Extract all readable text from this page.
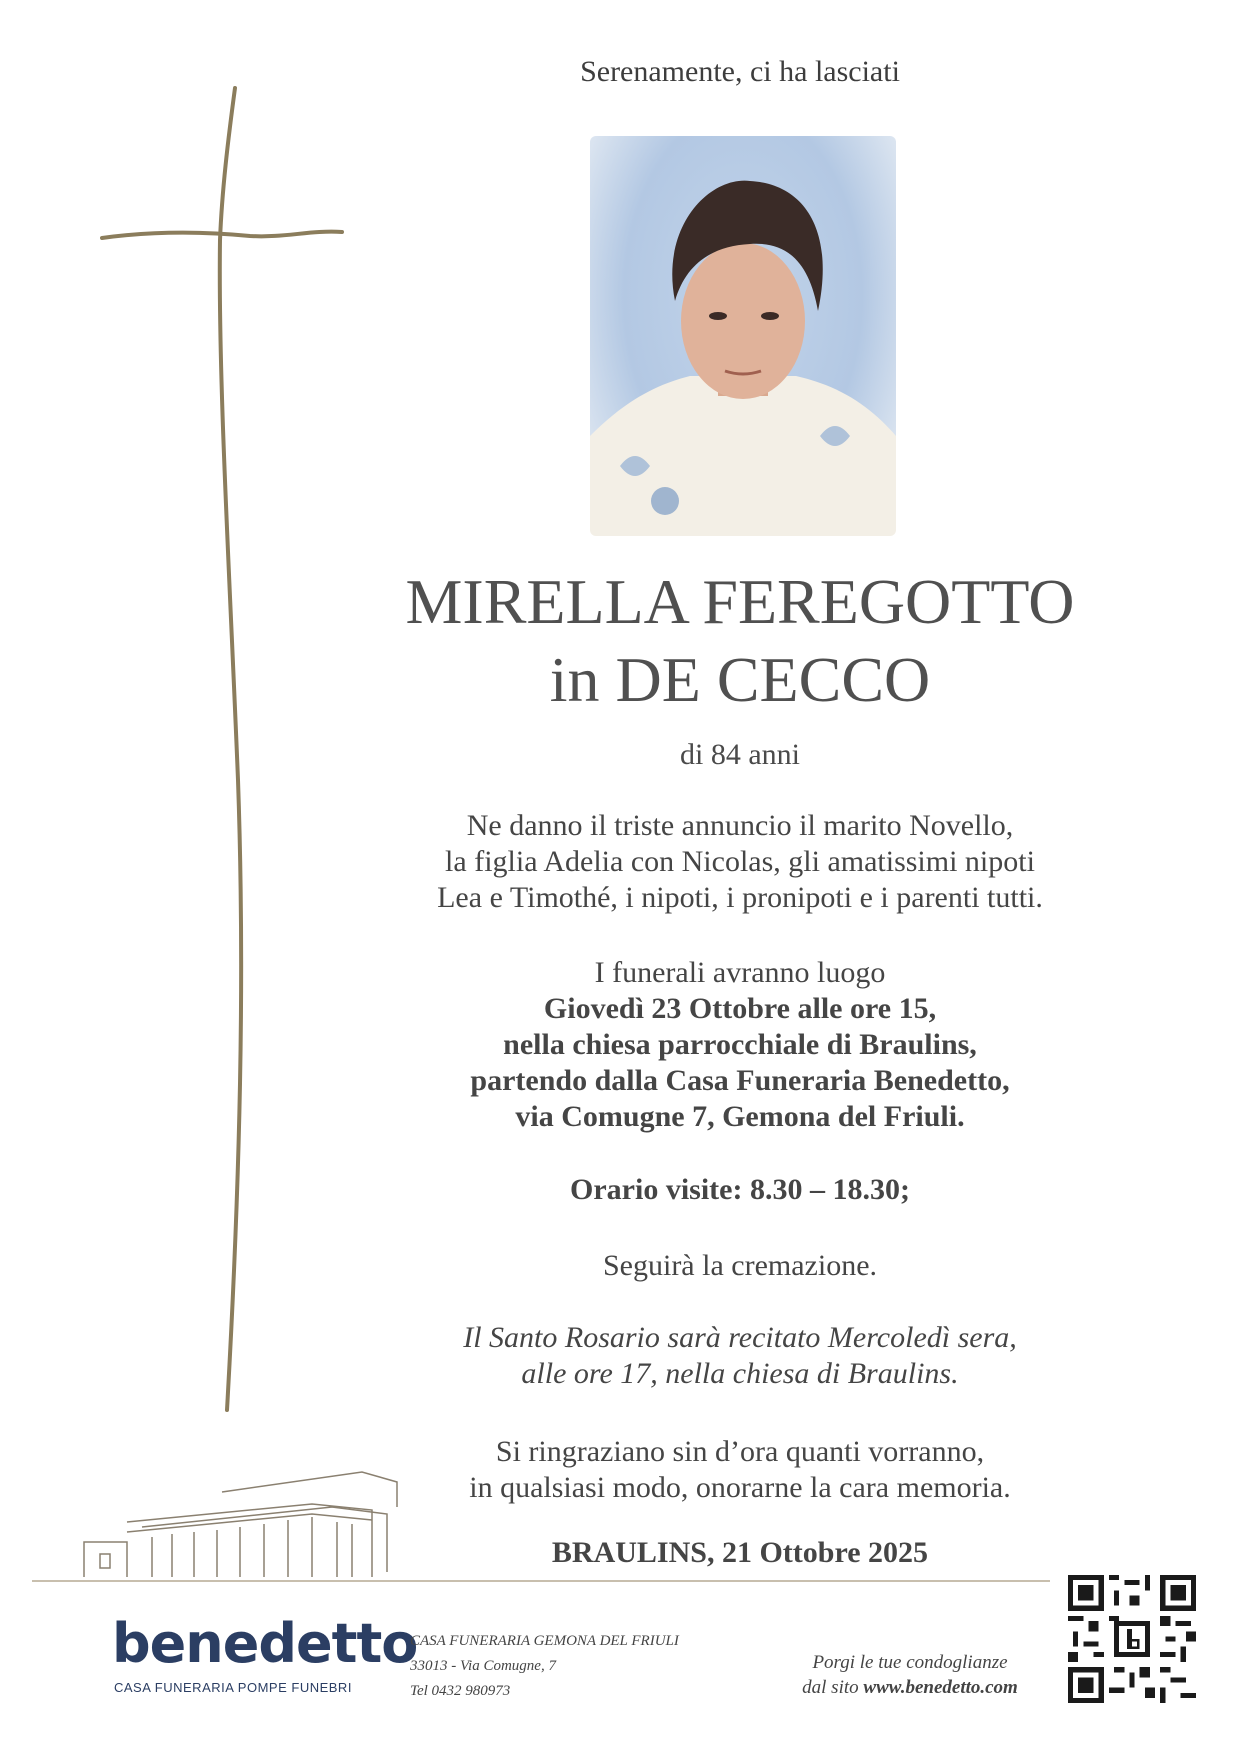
Serenamente, ci ha lasciati
MIRELLA FEREGOTTO
in DE CECCO
di 84 anni
Ne danno il triste annuncio il marito Novello,
la figlia Adelia con Nicolas, gli amatissimi nipoti
Lea e Timothé, i nipoti, i pronipoti e i parenti tutti.
I funerali avranno luogo
Giovedì 23 Ottobre alle ore 15,
nella chiesa parrocchiale di Braulins,
partendo dalla Casa Funeraria Benedetto,
via Comugne 7, Gemona del Friuli.
Orario visite: 8.30 – 18.30;
Seguirà la cremazione.
Il Santo Rosario sarà recitato Mercoledì sera,
alle ore 17, nella chiesa di Braulins.
Si ringraziano sin d’ora quanti vorranno,
in qualsiasi modo, onorarne la cara memoria.
BRAULINS, 21 Ottobre 2025
benedetto
CASA FUNERARIA POMPE FUNEBRI
CASA FUNERARIA GEMONA DEL FRIULI
33013 - Via Comugne, 7
Tel 0432 980973
Porgi le tue condoglianze
dal sito www.benedetto.com
